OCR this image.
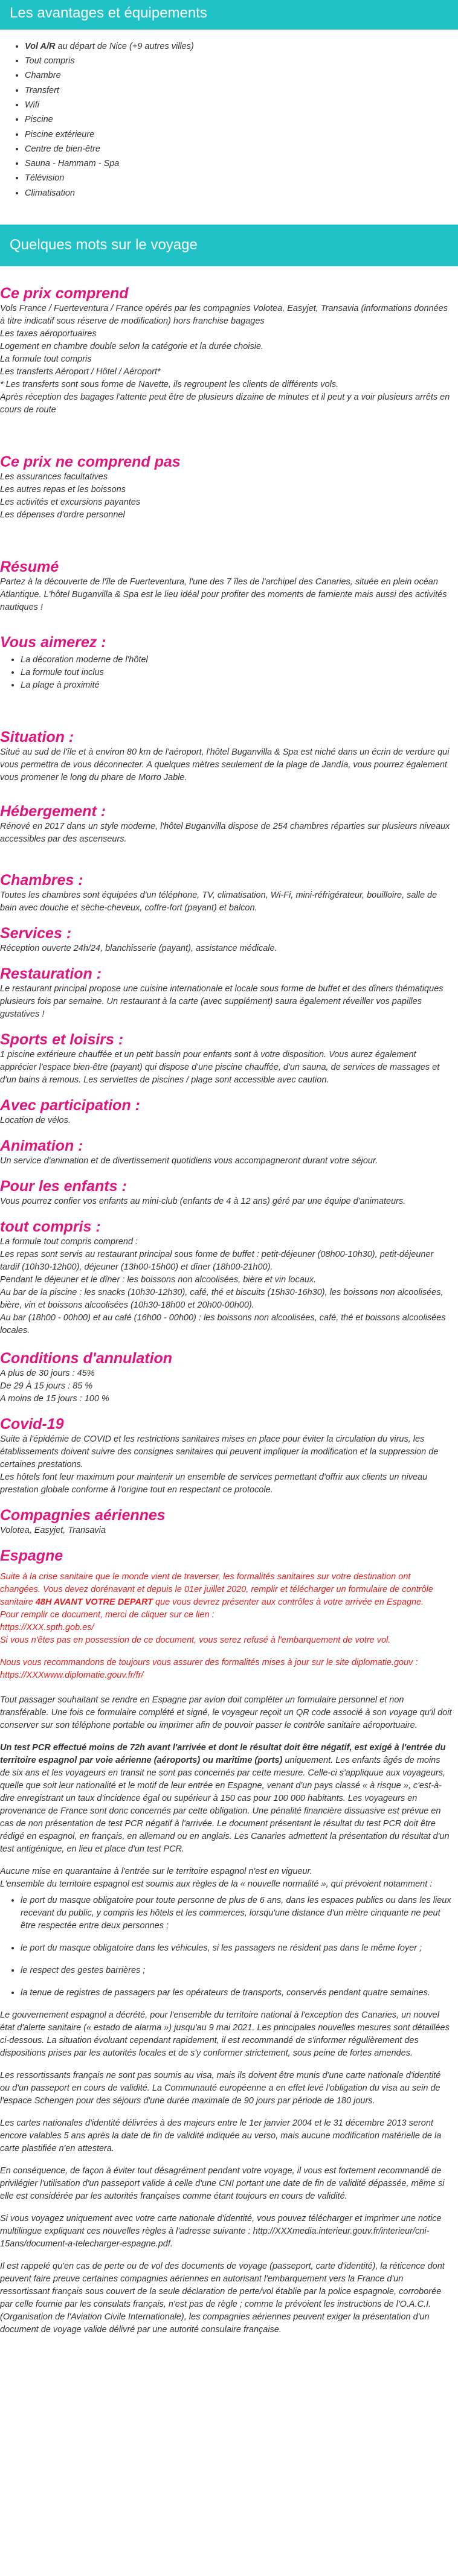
Les avantages et équipements
• Vol A/R au départ de Nice (+9 autres villes)
• Tout compris
• Chambre
• Transfert
• Wifi
• Piscine
• Piscine extérieure
• Centre de bien-être
• Sauna - Hammam - Spa
• Télévision
• Climatisation
Quelques mots sur le voyage
Ce prix comprend

Vols France / Fuerteventura / France opérés par les compagnies Volotea, Easyjet, Transavia (informations données à titre indicatif sous réserve de modification) hors franchise bagages

Les taxes aéroportuaires

Logement en chambre double selon la catégorie et la durée choisie.

La formule tout compris

Les transferts Aéroport / Hôtel / Aéroport*

* Les transferts sont sous forme de Navette, ils regroupent les clients de différents vols.

Après réception des bagages l'attente peut être de plusieurs dizaine de minutes et il peut y a voir plusieurs arrêts en cours de route

Ce prix ne comprend pas

Les assurances facultatives

Les autres repas et les boissons

Les activités et excursions payantes

Les dépenses d'ordre personnel

Résumé

Partez à la découverte de l'île de Fuerteventura, l'une des 7 îles de l'archipel des Canaries, située en plein océan Atlantique. L'hôtel Buganvilla & Spa est le lieu idéal pour profiter des moments de farniente mais aussi des activités nautiques !

Vous aimerez :
• La décoration moderne de l'hôtel
• La formule tout inclus
• La plage à proximité
Situation :

Situé au sud de l'île et à environ 80 km de l'aéroport, l'hôtel Buganvilla & Spa est niché dans un écrin de verdure qui vous permettra de vous déconnecter. A quelques mètres seulement de la plage de Jandía, vous pourrez également vous promener le long du phare de Morro Jable.

Hébergement :

Rénové en 2017 dans un style moderne, l'hôtel Buganvilla dispose de 254 chambres réparties sur plusieurs niveaux accessibles par des ascenseurs.

Chambres :

Toutes les chambres sont équipées d'un téléphone, TV, climatisation, Wi-Fi, mini-réfrigérateur, bouilloire, salle de bain avec douche et sèche-cheveux, coffre-fort (payant) et balcon.

Services :

Réception ouverte 24h/24, blanchisserie (payant), assistance médicale.

Restauration :

Le restaurant principal propose une cuisine internationale et locale sous forme de buffet et des dîners thématiques plusieurs fois par semaine. Un restaurant à la carte (avec supplément) saura également réveiller vos papilles gustatives !

Sports et loisirs :

1 piscine extérieure chauffée et un petit bassin pour enfants sont à votre disposition. Vous aurez également apprécier l'espace bien-être (payant) qui dispose d'une piscine chauffée, d'un sauna, de services de massages et d'un bains à remous. Les serviettes de piscines / plage sont accessible avec caution.

Avec participation :

Location de vélos.

Animation :

Un service d'animation et de divertissement quotidiens vous accompagneront durant votre séjour.

Pour les enfants :

Vous pourrez confier vos enfants au mini-club (enfants de 4 à 12 ans) géré par une équipe d'animateurs.

tout compris :

La formule tout compris comprend :

Les repas sont servis au restaurant principal sous forme de buffet : petit-déjeuner (08h00-10h30), petit-déjeuner tardif (10h30-12h00), déjeuner (13h00-15h00) et dîner (18h00-21h00).

Pendant le déjeuner et le dîner : les boissons non alcoolisées, bière et vin locaux.

Au bar de la piscine : les snacks (10h30-12h30), café, thé et biscuits (15h30-16h30), les boissons non alcoolisées, bière, vin et boissons alcoolisées (10h30-18h00 et 20h00-00h00).

Au bar (18h00 - 00h00) et au café (16h00 - 00h00) : les boissons non alcoolisées, café, thé et boissons alcoolisées locales.

Conditions d'annulation

A plus de 30 jours : 45%

De 29 À 15 jours : 85 %

A moins de 15 jours : 100 %

Covid-19

Suite à l'épidémie de COVID et les restrictions sanitaires mises en place pour éviter la circulation du virus, les établissements doivent suivre des consignes sanitaires qui peuvent impliquer la modification et la suppression de certaines prestations.

Les hôtels font leur maximum pour maintenir un ensemble de services permettant d'offrir aux clients un niveau prestation globale conforme à l'origine tout en respectant ce protocole.

Compagnies aériennes

Volotea, Easyjet, Transavia

Espagne

Suite à la crise sanitaire que le monde vient de traverser, les formalités sanitaires sur votre destination ont changées. Vous devez dorénavant et depuis le 01er juillet 2020, remplir et télécharger un formulaire de contrôle sanitaire 48H AVANT VOTRE DEPART que vous devrez présenter aux contrôles à votre arrivée en Espagne.

Pour remplir ce document, merci de cliquer sur ce lien :

https://XXX.spth.gob.es/

Si vous n'êtes pas en possession de ce document, vous serez refusé à l'embarquement de votre vol.

Nous vous recommandons de toujours vous assurer des formalités mises à jour sur le site diplomatie.gouv : https://XXXwww.diplomatie.gouv.fr/fr/

Tout passager souhaitant se rendre en Espagne par avion doit compléter un formulaire personnel et non transférable. Une fois ce formulaire complété et signé, le voyageur reçoit un QR code associé à son voyage qu'il doit conserver sur son téléphone portable ou imprimer afin de pouvoir passer le contrôle sanitaire aéroportuaire.

Un test PCR effectué moins de 72h avant l'arrivée et dont le résultat doit être négatif, est exigé à l'entrée du territoire espagnol par voie aérienne (aéroports) ou maritime (ports) uniquement. Les enfants âgés de moins de six ans et les voyageurs en transit ne sont pas concernés par cette mesure. Celle-ci s'appliquue aux voyageurs, quelle que soit leur nationalité et le motif de leur entrée en Espagne, venant d'un pays classé « à risque », c'est-à-dire enregistrant un taux d'incidence égal ou supérieur à 150 cas pour 100 000 habitants. Les voyageurs en provenance de France sont donc concernés par cette obligation. Une pénalité financière dissuasive est prévue en cas de non présentation de test PCR négatif à l'arrivée. Le document présentant le résultat du test PCR doit être rédigé en espagnol, en français, en allemand ou en anglais. Les Canaries admettent la présentation du résultat d'un test antigénique, en lieu et place d'un test PCR.

Aucune mise en quarantaine à l'entrée sur le territoire espagnol n'est en vigueur.

L'ensemble du territoire espagnol est soumis aux règles de la « nouvelle normalité », qui prévoient notamment :

• le port du masque obligatoire pour toute personne de plus de 6 ans, dans les espaces publics ou dans les lieux recevant du public, y compris les hôtels et les commerces, lorsqu'une distance d'un mètre cinquante ne peut être respectée entre deux personnes ;
• le port du masque obligatoire dans les véhicules, si les passagers ne résident pas dans le même foyer ;
• le respect des gestes barrières ;
• la tenue de registres de passagers par les opérateurs de transports, conservés pendant quatre semaines.

Le gouvernement espagnol a décrété, pour l'ensemble du territoire national à l'exception des Canaries, un nouvel état d'alerte sanitaire (« estado de alarma ») jusqu'au 9 mai 2021. Les principales nouvelles mesures sont détaillées ci-dessous. La situation évoluant cependant rapidement, il est recommandé de s'informer régulièrement des dispositions prises par les autorités locales et de s'y conformer strictement, sous peine de fortes amendes.

Les ressortissants français ne sont pas soumis au visa, mais ils doivent être munis d'une carte nationale d'identité ou d'un passeport en cours de validité. La Communauté européenne a en effet levé l'obligation du visa au sein de l'espace Schengen pour des séjours d'une durée maximale de 90 jours par période de 180 jours.

Les cartes nationales d'identité délivrées à des majeurs entre le 1er janvier 2004 et le 31 décembre 2013 seront encore valables 5 ans après la date de fin de validité indiquée au verso, mais aucune modification matérielle de la carte plastifiée n'en attestera.

En conséquence, de façon à éviter tout désagrément pendant votre voyage, il vous est fortement recommandé de privilégier l'utilisation d'un passeport valide à celle d'une CNI portant une date de fin de validité dépassée, même si elle est considérée par les autorités françaises comme étant toujours en cours de validité.

Si vous voyagez uniquement avec votre carte nationale d'identité, vous pouvez télécharger et imprimer une notice multilingue expliquant ces nouvelles règles à l'adresse suivante : http://XXXmedia.interieur.gouv.fr/interieur/cni-15ans/document-a-telecharger-espagne.pdf.

Il est rappelé qu'en cas de perte ou de vol des documents de voyage (passeport, carte d'identité), la réticence dont peuvent faire preuve certaines compagnies aériennes en autorisant l'embarquement vers la France d'un ressortissant français sous couvert de la seule déclaration de perte/vol établie par la police espagnole, corroborée par celle fournie par les consulats français, n'est pas de règle ; comme le prévoient les instructions de l'O.A.C.I. (Organisation de l'Aviation Civile Internationale), les compagnies aériennes peuvent exiger la présentation d'un document de voyage valide délivré par une autorité consulaire française.
